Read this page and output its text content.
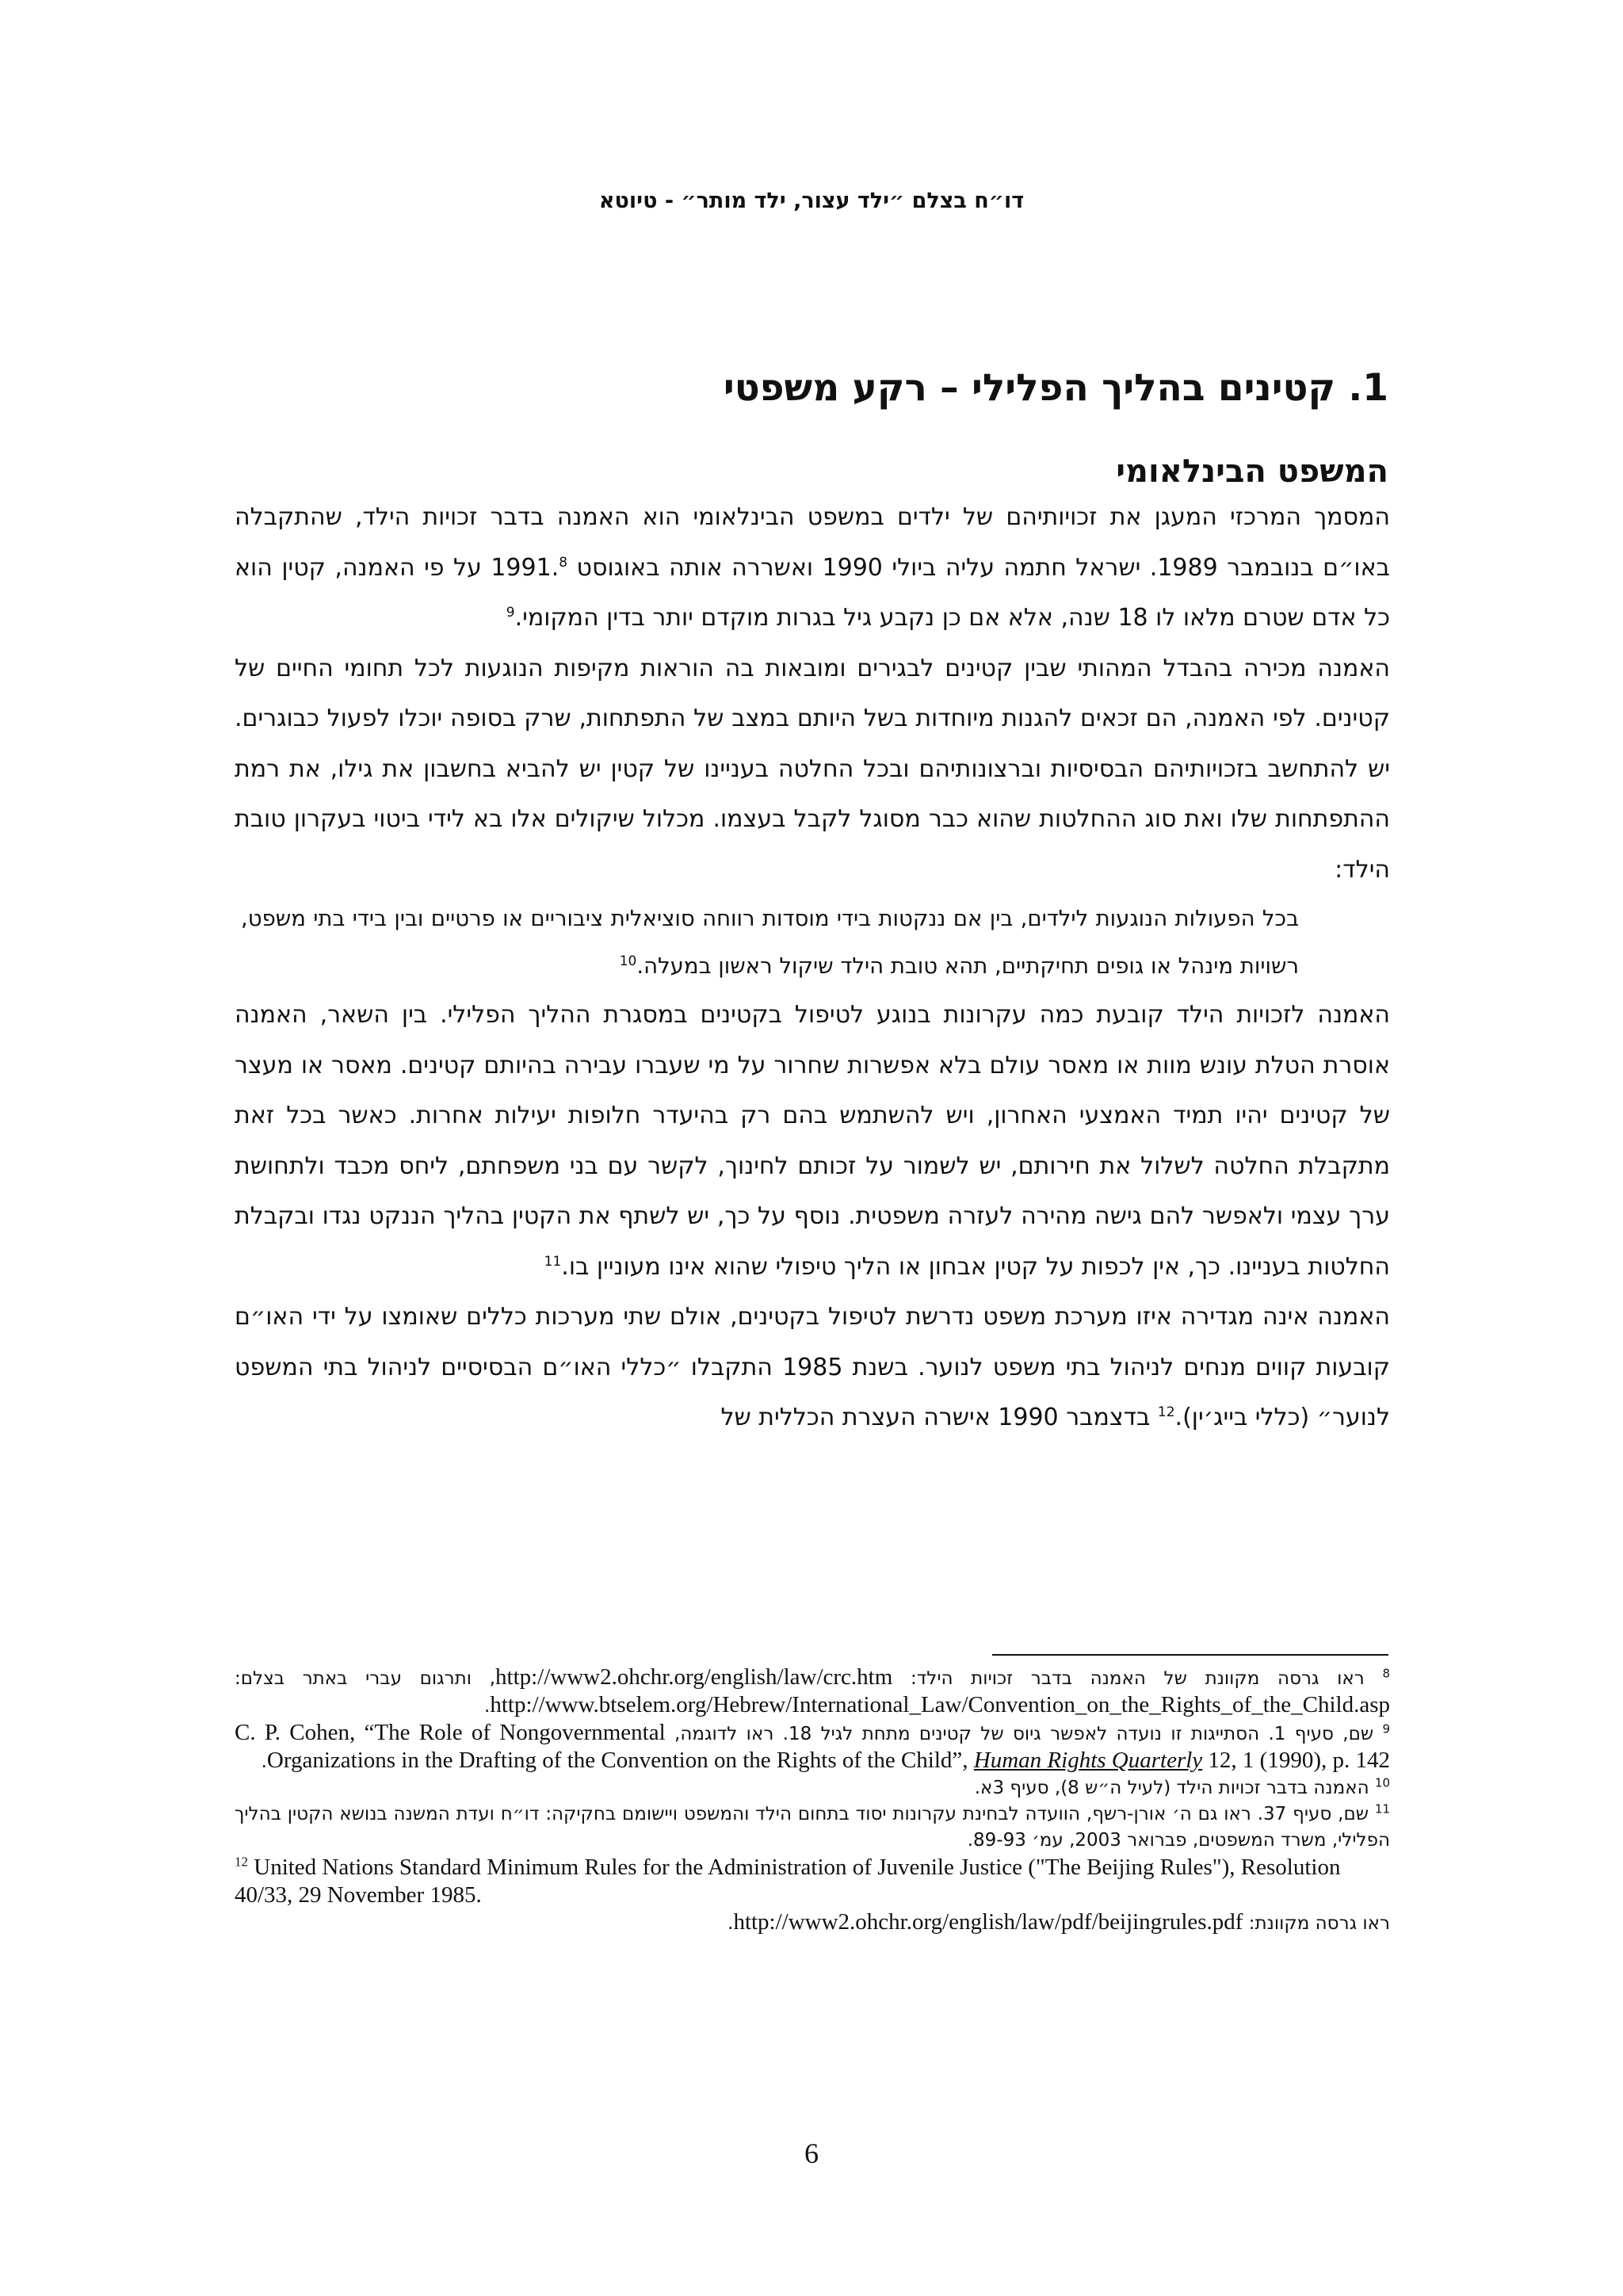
דו״ח בצלם ״ילד עצור, ילד מותר״ - טיוטא
1. קטינים בהליך הפלילי – רקע משפטי
המשפט הבינלאומי

המסמך המרכזי המעגן את זכויותיהם של ילדים במשפט הבינלאומי הוא האמנה בדבר זכויות הילד, שהתקבלה באו״ם בנובמבר 1989. ישראל חתמה עליה ביולי 1990 ואשררה אותה באוגוסט 1991.$^8$ על פי האמנה, קטין הוא כל אדם שטרם מלאו לו 18 שנה, אלא אם כן נקבע גיל בגרות מוקדם יותר בדין המקומי.$^9$

האמנה מכירה בהבדל המהותי שבין קטינים לבגירים ומובאות בה הוראות מקיפות הנוגעות לכל תחומי החיים של קטינים. לפי האמנה, הם זכאים להגנות מיוחדות בשל היותם במצב של התפתחות, שרק בסופה יוכלו לפעול כבוגרים. יש להתחשב בזכויותיהם הבסיסיות וברצונותיהם ובכל החלטה בעניינו של קטין יש להביא בחשבון את גילו, את רמת ההתפתחות שלו ואת סוג ההחלטות שהוא כבר מסוגל לקבל בעצמו. מכלול שיקולים אלו בא לידי ביטוי בעקרון טובת הילד:

בכל הפעולות הנוגעות לילדים, בין אם ננקטות בידי מוסדות רווחה סוציאלית ציבוריים או פרטיים ובין בידי בתי משפט, רשויות מינהל או גופים תחיקתיים, תהא טובת הילד שיקול ראשון במעלה.$^{10}$

האמנה לזכויות הילד קובעת כמה עקרונות בנוגע לטיפול בקטינים במסגרת ההליך הפלילי. בין השאר, האמנה אוסרת הטלת עונש מוות או מאסר עולם בלא אפשרות שחרור על מי שעברו עבירה בהיותם קטינים. מאסר או מעצר של קטינים יהיו תמיד האמצעי האחרון, ויש להשתמש בהם רק בהיעדר חלופות יעילות אחרות. כאשר בכל זאת מתקבלת החלטה לשלול את חירותם, יש לשמור על זכותם לחינוך, לקשר עם בני משפחתם, ליחס מכבד ולתחושת ערך עצמי ולאפשר להם גישה מהירה לעזרה משפטית. נוסף על כך, יש לשתף את הקטין בהליך הננקט נגדו ובקבלת החלטות בעניינו. כך, אין לכפות על קטין אבחון או הליך טיפולי שהוא אינו מעוניין בו.$^{11}$

האמנה אינה מגדירה איזו מערכת משפט נדרשת לטיפול בקטינים, אולם שתי מערכות כללים שאומצו על ידי האו״ם קובעות קווים מנחים לניהול בתי משפט לנוער. בשנת 1985 התקבלו ״כללי האו״ם הבסיסיים לניהול בתי המשפט לנוער״ (כללי בייג׳ין).$^{12}$ בדצמבר 1990 אישרה העצרת הכללית של

$^8$ ראו גרסה מקוונת של האמנה בדבר זכויות הילד: http://www2.ohchr.org/english/law/crc.htm, ותרגום עברי באתר בצלם: http://www.btselem.org/Hebrew/International_Law/Convention_on_the_Rights_of_the_Child.asp.

$^9$ שם, סעיף 1. הסתייגות זו נועדה לאפשר גיוס של קטינים מתחת לגיל 18. ראו לדוגמה, C. P. Cohen, “The Role of Nongovernmental Organizations in the Drafting of the Convention on the Rights of the Child”, Human Rights Quarterly 12, 1 (1990), p. 142.

$^{10}$ האמנה בדבר זכויות הילד (לעיל ה״ש 8), סעיף 3א.

$^{11}$ שם, סעיף 37. ראו גם ה׳ אורן-רשף, הוועדה לבחינת עקרונות יסוד בתחום הילד והמשפט ויישומם בחקיקה: דו״ח ועדת המשנה בנושא הקטין בהליך הפלילי, משרד המשפטים, פברואר 2003, עמ׳ 89-93.

$^{12}$ United Nations Standard Minimum Rules for the Administration of Juvenile Justice ("The Beijing Rules"), Resolution 40/33, 29 November 1985.

ראו גרסה מקוונת: http://www2.ohchr.org/english/law/pdf/beijingrules.pdf.

6
